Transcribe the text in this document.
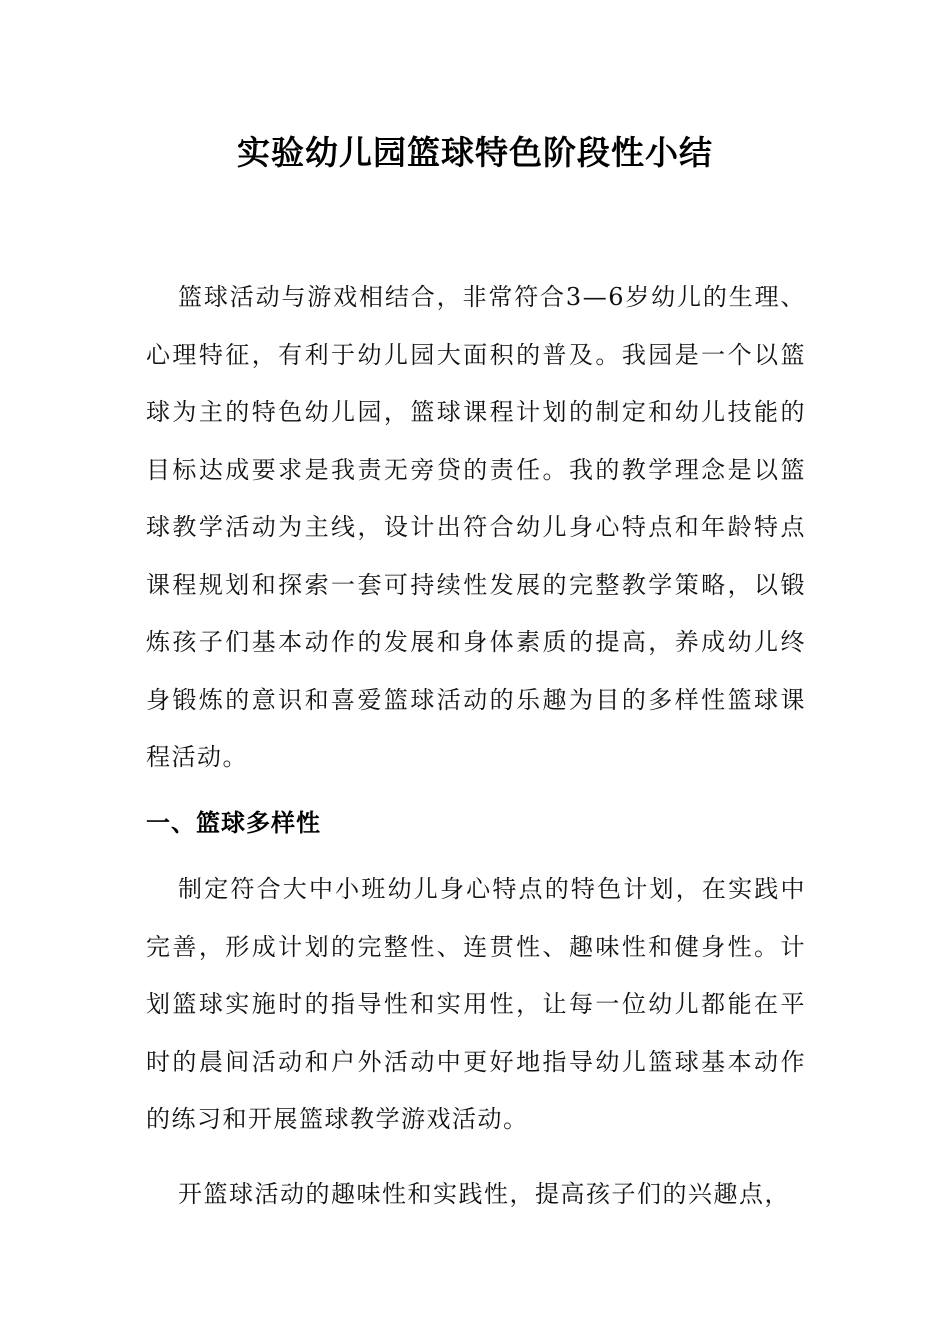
实验幼儿园篮球特色阶段性小结

篮球活动与游戏相结合，非常符合3—6岁幼儿的生理、心理特征，有利于幼儿园大面积的普及。我园是一个以篮球为主的特色幼儿园，篮球课程计划的制定和幼儿技能的目标达成要求是我责无旁贷的责任。我的教学理念是以篮球教学活动为主线，设计出符合幼儿身心特点和年龄特点课程规划和探索一套可持续性发展的完整教学策略，以锻炼孩子们基本动作的发展和身体素质的提高，养成幼儿终身锻炼的意识和喜爱篮球活动的乐趣为目的多样性篮球课程活动。

一、篮球多样性

制定符合大中小班幼儿身心特点的特色计划，在实践中完善，形成计划的完整性、连贯性、趣味性和健身性。计划篮球实施时的指导性和实用性，让每一位幼儿都能在平时的晨间活动和户外活动中更好地指导幼儿篮球基本动作的练习和开展篮球教学游戏活动。

开篮球活动的趣味性和实践性，提高孩子们的兴趣点，
